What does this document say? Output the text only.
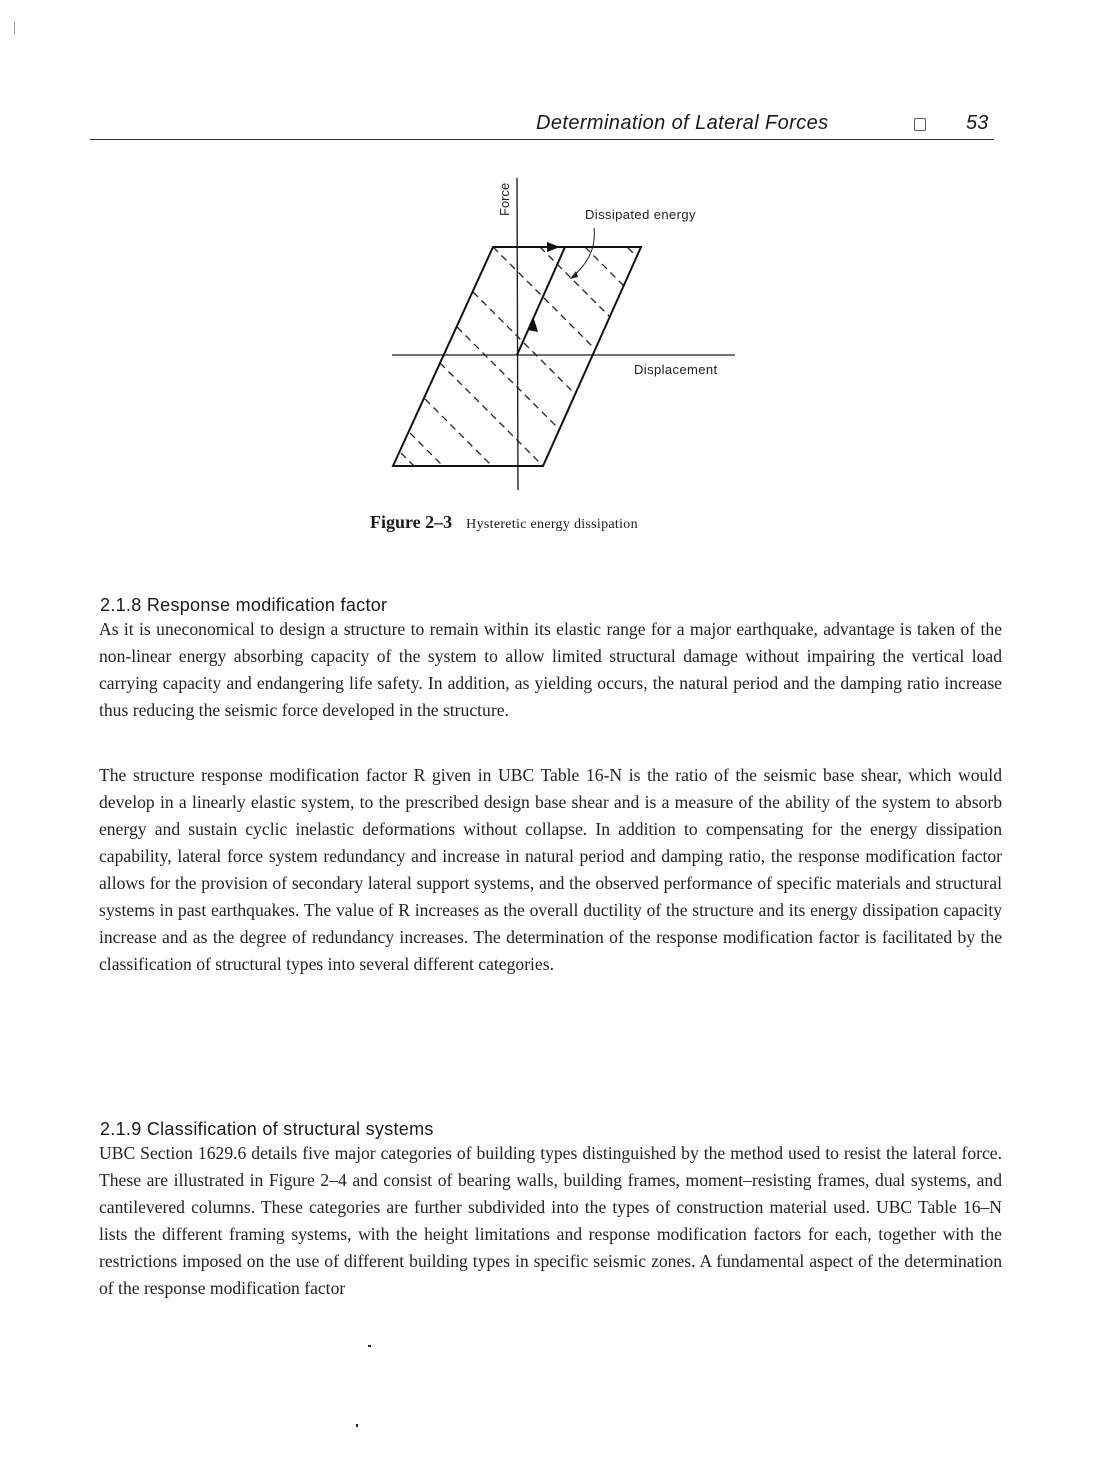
Determination of Lateral Forces	53
Force	Dissipated energy
Displacement
Figure 2–3 Hysteretic energy dissipation
2.1.8 Response modification factor

As it is uneconomical to design a structure to remain within its elastic range for a major earthquake, advantage is taken of the non-linear energy absorbing capacity of the system to allow limited structural damage without impairing the vertical load carrying capacity and endangering life safety. In addition, as yielding occurs, the natural period and the damping ratio increase thus reducing the seismic force developed in the structure.

The structure response modification factor R given in UBC Table 16-N is the ratio of the seismic base shear, which would develop in a linearly elastic system, to the prescribed design base shear and is a measure of the ability of the system to absorb energy and sustain cyclic inelastic deformations without collapse. In addition to compensating for the energy dissipation capability, lateral force system redundancy and increase in natural period and damping ratio, the response modification factor allows for the provision of secondary lateral support systems, and the observed performance of specific materials and structural systems in past earthquakes. The value of R increases as the overall ductility of the structure and its energy dissipation capacity increase and as the degree of redundancy increases. The determination of the response modification factor is facilitated by the classification of structural types into several different categories.

2.1.9 Classification of structural systems

UBC Section 1629.6 details five major categories of building types distinguished by the method used to resist the lateral force. These are illustrated in Figure 2–4 and consist of bearing walls, building frames, moment–resisting frames, dual systems, and cantilevered columns. These categories are further subdivided into the types of construction material used. UBC Table 16–N lists the different framing systems, with the height limitations and response modification factors for each, together with the restrictions imposed on the use of different building types in specific seismic zones. A fundamental aspect of the determination of the response modification factor
